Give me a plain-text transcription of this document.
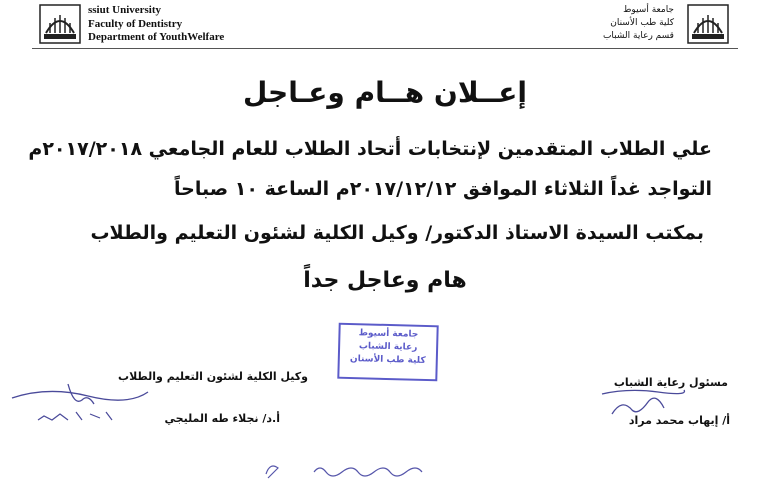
ssiut University
Faculty of Dentistry
Department of YouthWelfare
جامعة أسيوط
كلية طب الأسنان
قسم رعاية الشباب
إعــلان هــام وعـاجل
علي الطلاب المتقدمين لإنتخابات أتحاد الطلاب للعام الجامعي ٢٠١٧/٢٠١٨م
التواجد غداً الثلاثاء الموافق ٢٠١٧/١٢/١٢م الساعة ١٠ صباحاً
بمكتب السيدة الاستاذ الدكتور/ وكيل الكلية لشئون التعليم والطلاب
هام وعاجل جداً
جامعة أسيوط
رعاية الشباب
كلية طب الأسنان
وكيل الكلية لشئون التعليم والطلاب
أ.د/ نجلاء طه المليجي
مسئول رعاية الشباب
أ/ إيهاب محمد مراد
